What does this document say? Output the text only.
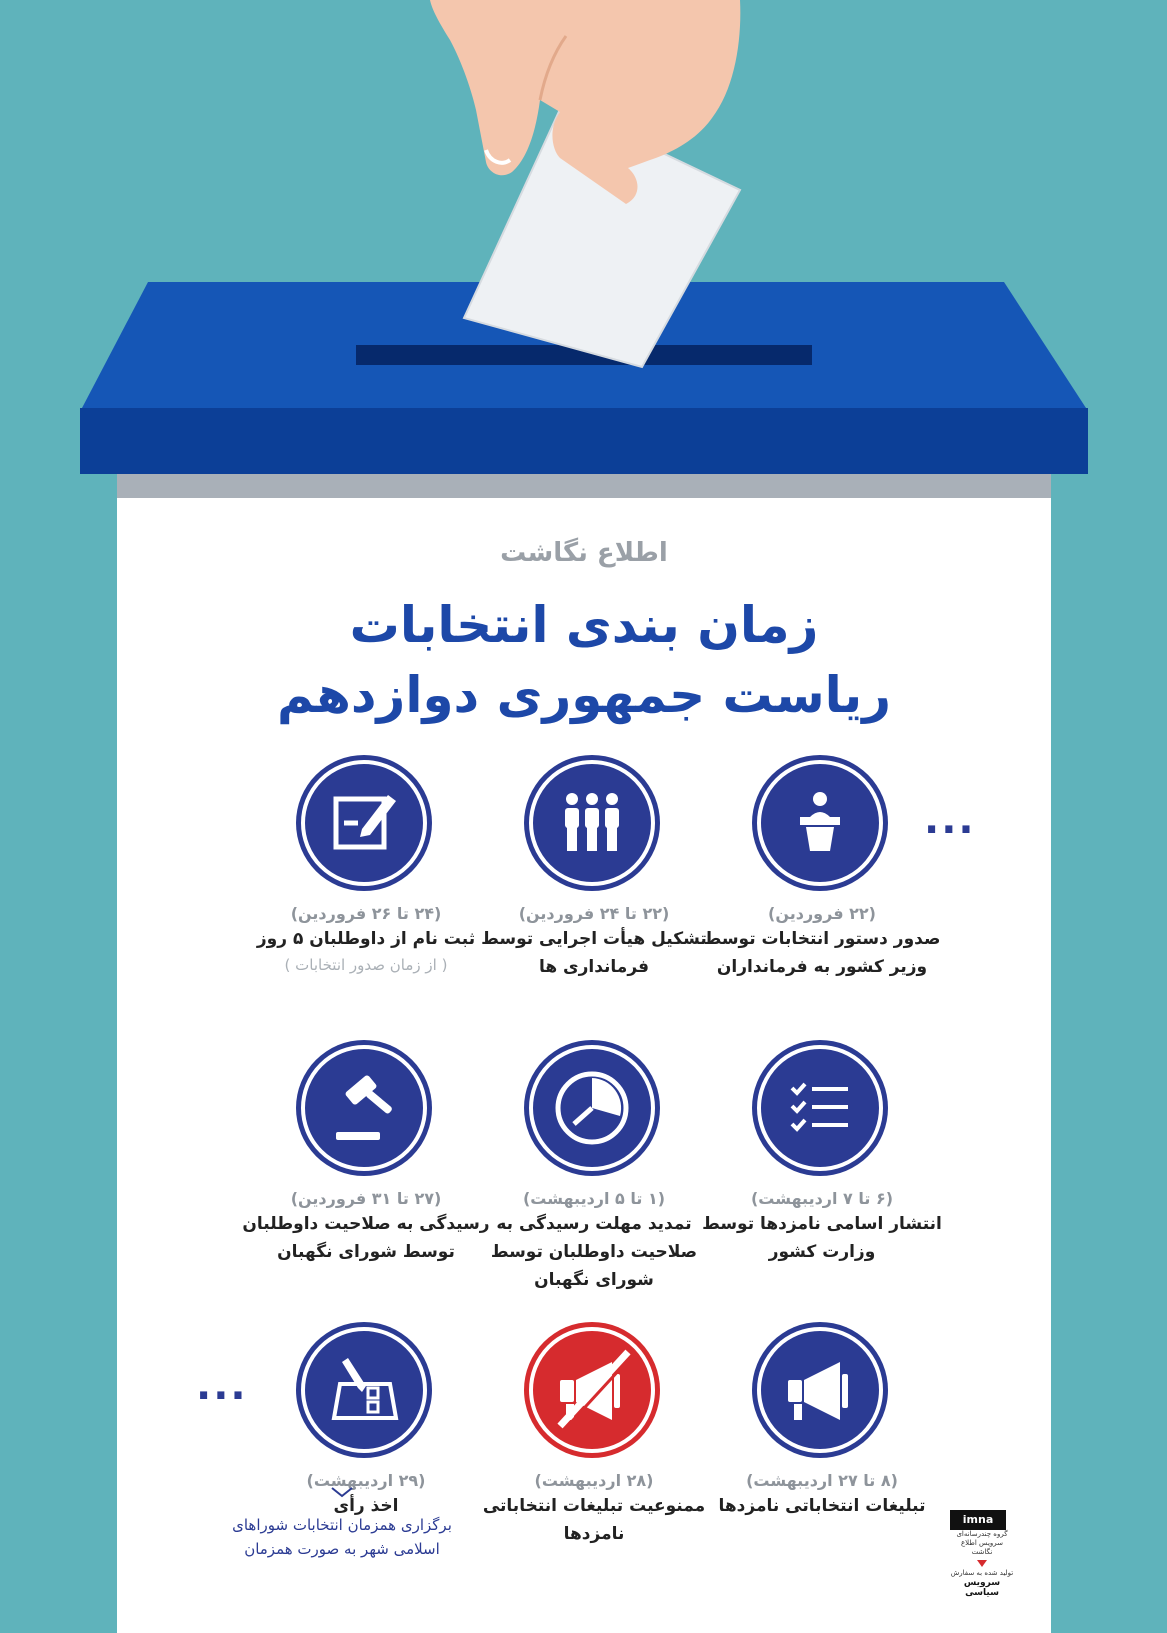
اطلاع نگاشت
زمان بندی انتخابات
ریاست جمهوری دوازدهم
...
...
(۲۲ فروردین)
صدور دستور انتخابات توسط وزیر کشور به فرمانداران
(۲۲ تا ۲۴ فروردین)
تشکیل هیأت اجرایی توسط فرمانداری ها
(۲۴ تا ۲۶ فروردین)
ثبت نام از داوطلبان ۵ روز
( از زمان صدور انتخابات )
(۲۷ تا ۳۱ فروردین)
رسیدگی به صلاحیت داوطلبان توسط شورای نگهبان
(۱ تا ۵ اردیبهشت)
تمدید مهلت رسیدگی به صلاحیت داوطلبان توسط شورای نگهبان
(۶ تا ۷ اردیبهشت)
انتشار اسامی نامزدها توسط وزارت کشور
(۸ تا ۲۷ اردیبهشت)
تبلیغات انتخاباتی نامزدها
(۲۸ اردیبهشت)
ممنوعیت تبلیغات انتخاباتی نامزدها
(۲۹ اردیبهشت)
اخذ رأی
برگزاری همزمان انتخابات شوراهای اسلامی شهر به صورت همزمان
imna
گروه چندرسانه‌ای
سرویس اطلاع نگاشت
تولید شده به سفارش
سرویس سیاسی
